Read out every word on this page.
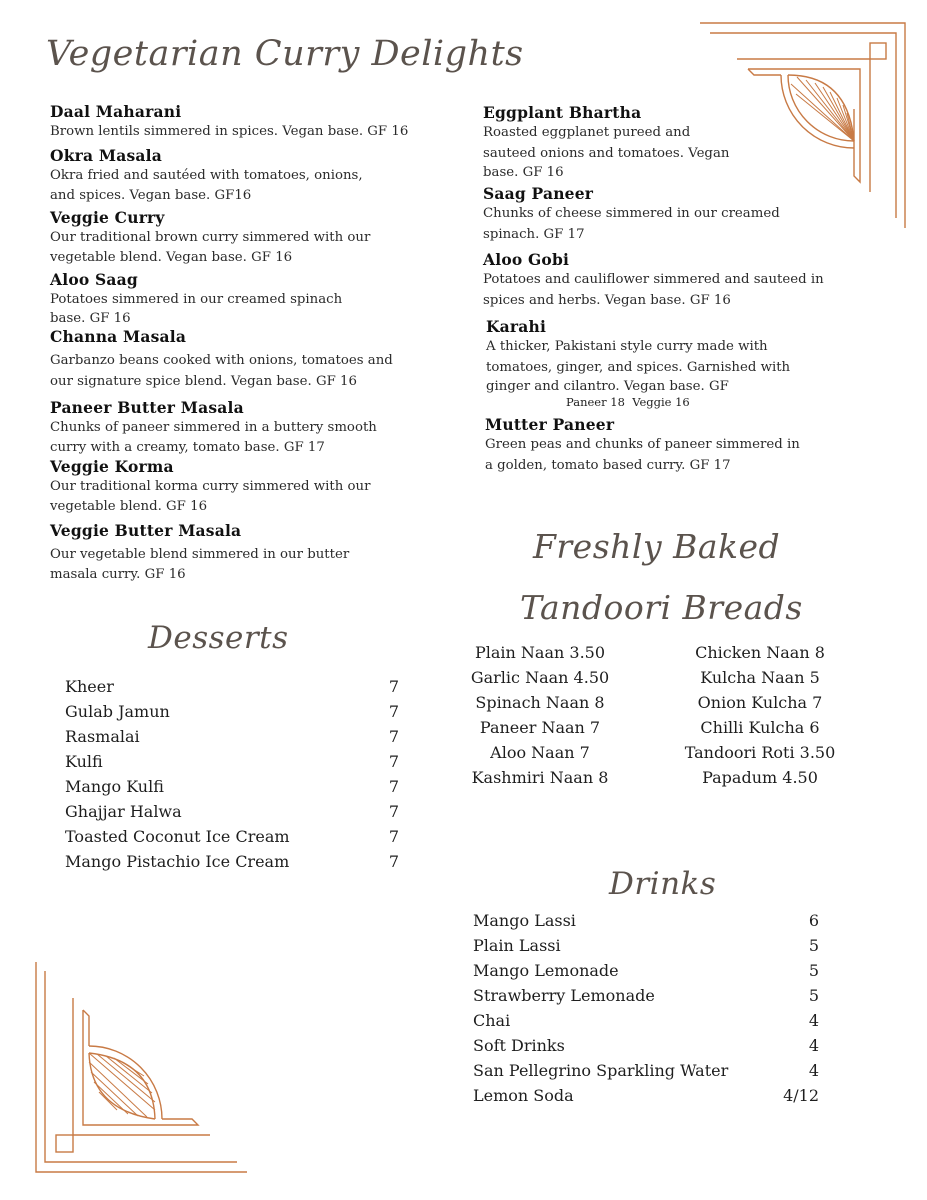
Vegetarian Curry Delights
Daal Maharani
Brown lentils simmered in spices. Vegan base. GF 16
Okra Masala
Okra fried and sautéed with tomatoes, onions,
and spices. Vegan base. GF16
Veggie Curry
Our traditional brown curry simmered with our
vegetable blend. Vegan base. GF 16
Aloo Saag
Potatoes simmered in our creamed spinach
base. GF 16
Channa Masala
Garbanzo beans cooked with onions, tomatoes and
our signature spice blend. Vegan base. GF 16
Paneer Butter Masala
Chunks of paneer simmered in a buttery smooth
curry with a creamy, tomato base. GF 17
Veggie Korma
Our traditional korma curry simmered with our
vegetable blend. GF 16
Veggie Butter Masala
Our vegetable blend simmered in our butter
masala curry. GF 16
Eggplant Bhartha
Roasted eggplanet pureed and
sauteed onions and tomatoes. Vegan
base. GF 16
Saag Paneer
Chunks of cheese simmered in our creamed
spinach. GF 17
Aloo Gobi
Potatoes and cauliflower simmered and sauteed in
spices and herbs. Vegan base. GF 16
Karahi
A thicker, Pakistani style curry made with
tomatoes, ginger, and spices. Garnished with
ginger and cilantro. Vegan base. GF
Paneer 18  Veggie 16
Mutter Paneer
Green peas and chunks of paneer simmered in
a golden, tomato based curry. GF 17
Desserts
Kheer	7
Gulab Jamun	7
Rasmalai	7
Kulfi	7
Mango Kulfi	7
Ghajjar Halwa	7
Toasted Coconut Ice Cream	7
Mango Pistachio Ice Cream	7
Freshly Baked
Tandoori Breads
Plain Naan 3.50
Garlic Naan 4.50
Spinach Naan 8
Paneer Naan 7
Aloo Naan 7
Kashmiri Naan 8
Chicken Naan 8
Kulcha Naan 5
Onion Kulcha 7
Chilli Kulcha 6
Tandoori Roti 3.50
Papadum 4.50
Drinks
Mango Lassi	6
Plain Lassi	5
Mango Lemonade	5
Strawberry Lemonade	5
Chai	4
Soft Drinks	4
San Pellegrino Sparkling Water	4
Lemon Soda	4/12
